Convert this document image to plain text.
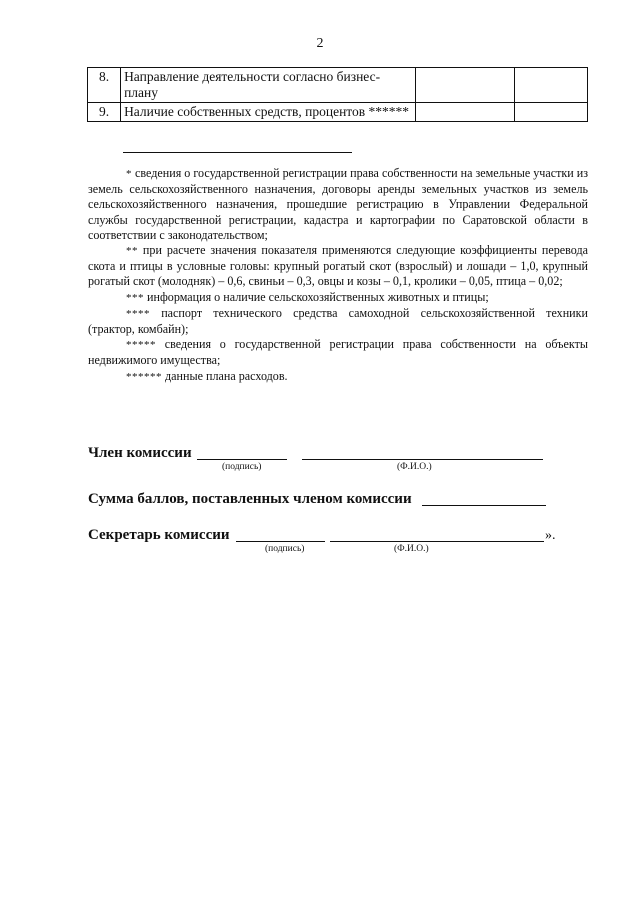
2
8.	Направление деятельности согласно бизнес-плану		
9.	Наличие собственных средств, процентов ******		

* сведения о государственной регистрации права собственности на земельные участки из земель сельскохозяйственного назначения, договоры аренды земельных участков из земель сельскохозяйственного назначения, прошедшие регистрацию в Управлении Федеральной службы государственной регистрации, кадастра и картографии по Саратовской области в соответствии с законодательством;

** при расчете значения показателя применяются следующие коэффициенты перевода скота и птицы в условные головы: крупный рогатый скот (взрослый) и лошади – 1,0, крупный рогатый скот (молодняк) – 0,6, свиньи – 0,3, овцы и козы – 0,1, кролики – 0,05, птица – 0,02;

*** информация о наличие сельскохозяйственных животных и птицы;

**** паспорт технического средства самоходной сельскохозяйственной техники (трактор, комбайн);

***** сведения о государственной регистрации права собственности на объекты недвижимого имущества;

****** данные плана расходов.

Член комиссии
(подпись)	(Ф.И.О.)
Сумма баллов, поставленных членом комиссии
Секретарь комиссии	».
(подпись)	(Ф.И.О.)
